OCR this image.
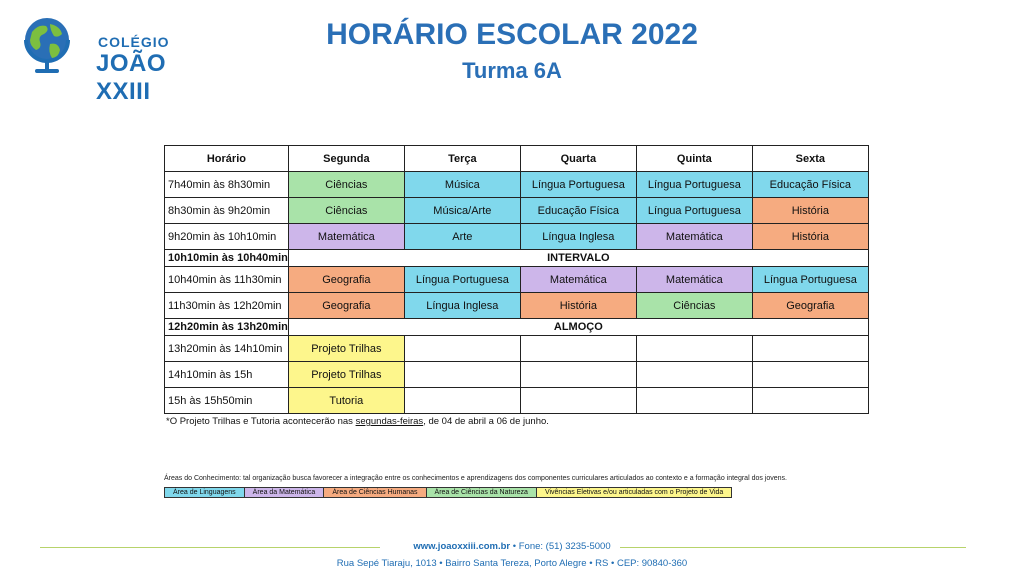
COLÉGIO
JOÃO XXIII
HORÁRIO ESCOLAR 2022
Turma 6A
Horário	Segunda	Terça	Quarta	Quinta	Sexta
7h40min às 8h30min	Ciências	Música	Língua Portuguesa	Língua Portuguesa	Educação Física
8h30min às 9h20min	Ciências	Música/Arte	Educação Física	Língua Portuguesa	História
9h20min às 10h10min	Matemática	Arte	Língua Inglesa	Matemática	História
10h10min às 10h40min	INTERVALO				
10h40min às 11h30min	Geografia	Língua Portuguesa	Matemática	Matemática	Língua Portuguesa
11h30min às 12h20min	Geografia	Língua Inglesa	História	Ciências	Geografia
12h20min às 13h20min	ALMOÇO				
13h20min às 14h10min	Projeto Trilhas				
14h10min às 15h	Projeto Trilhas				
15h às 15h50min	Tutoria				
*O Projeto Trilhas e Tutoria acontecerão nas segundas-feiras, de 04 de abril a 06 de junho.
Áreas do Conhecimento: tal organização busca favorecer a integração entre os conhecimentos e aprendizagens dos componentes curriculares articulados ao contexto e a formação integral dos jovens.
Área de Linguagens	Área da Matemática	Área de Ciências Humanas	Área de Ciências da Natureza	Vivências Eletivas e/ou articuladas com o Projeto de Vida
www.joaoxxiii.com.br • Fone: (51) 3235-5000
Rua Sepé Tiaraju, 1013 • Bairro Santa Tereza, Porto Alegre • RS • CEP: 90840-360
